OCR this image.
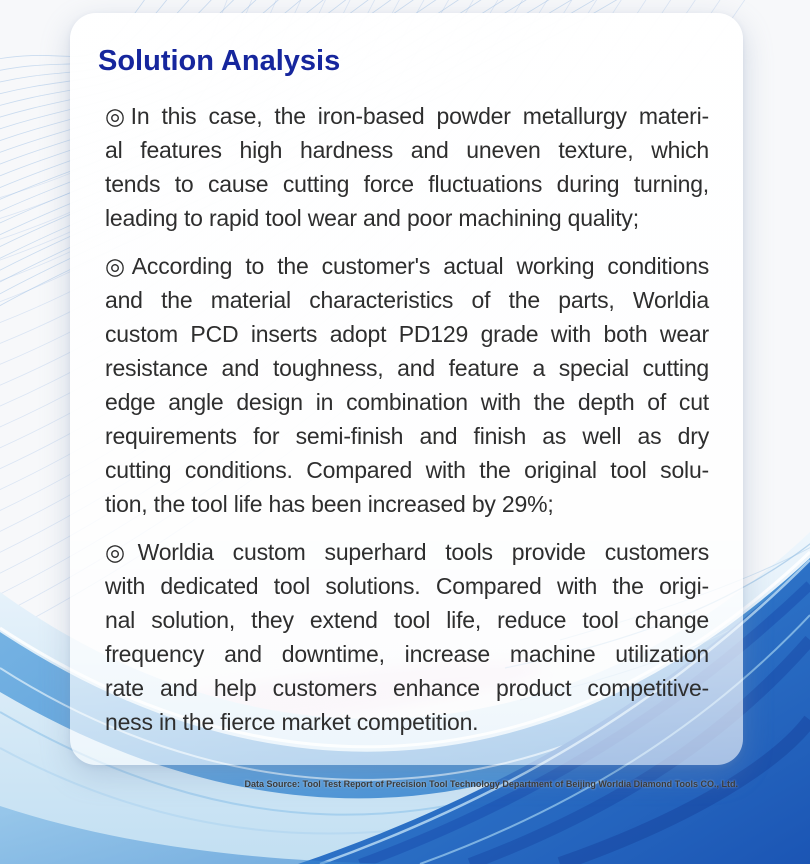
Solution Analysis
◎In this case, the iron-based powder metallurgy materi-
al features high hardness and uneven texture, which
tends to cause cutting force fluctuations during turning,
leading to rapid tool wear and poor machining quality;
◎According to the customer's actual working conditions
and the material characteristics of the parts, Worldia
custom PCD inserts adopt PD129 grade with both wear
resistance and toughness, and feature a special cutting
edge angle design in combination with the depth of cut
requirements for semi-finish and finish as well as dry
cutting conditions. Compared with the original tool solu-
tion, the tool life has been increased by 29%;
◎Worldia custom superhard tools provide customers
with dedicated tool solutions. Compared with the origi-
nal solution, they extend tool life, reduce tool change
frequency and downtime, increase machine utilization
rate and help customers enhance product competitive-
ness in the fierce market competition.
Data Source: Tool Test Report of Precision Tool Technology Department of Beijing Worldia Diamond Tools CO., Ltd.
